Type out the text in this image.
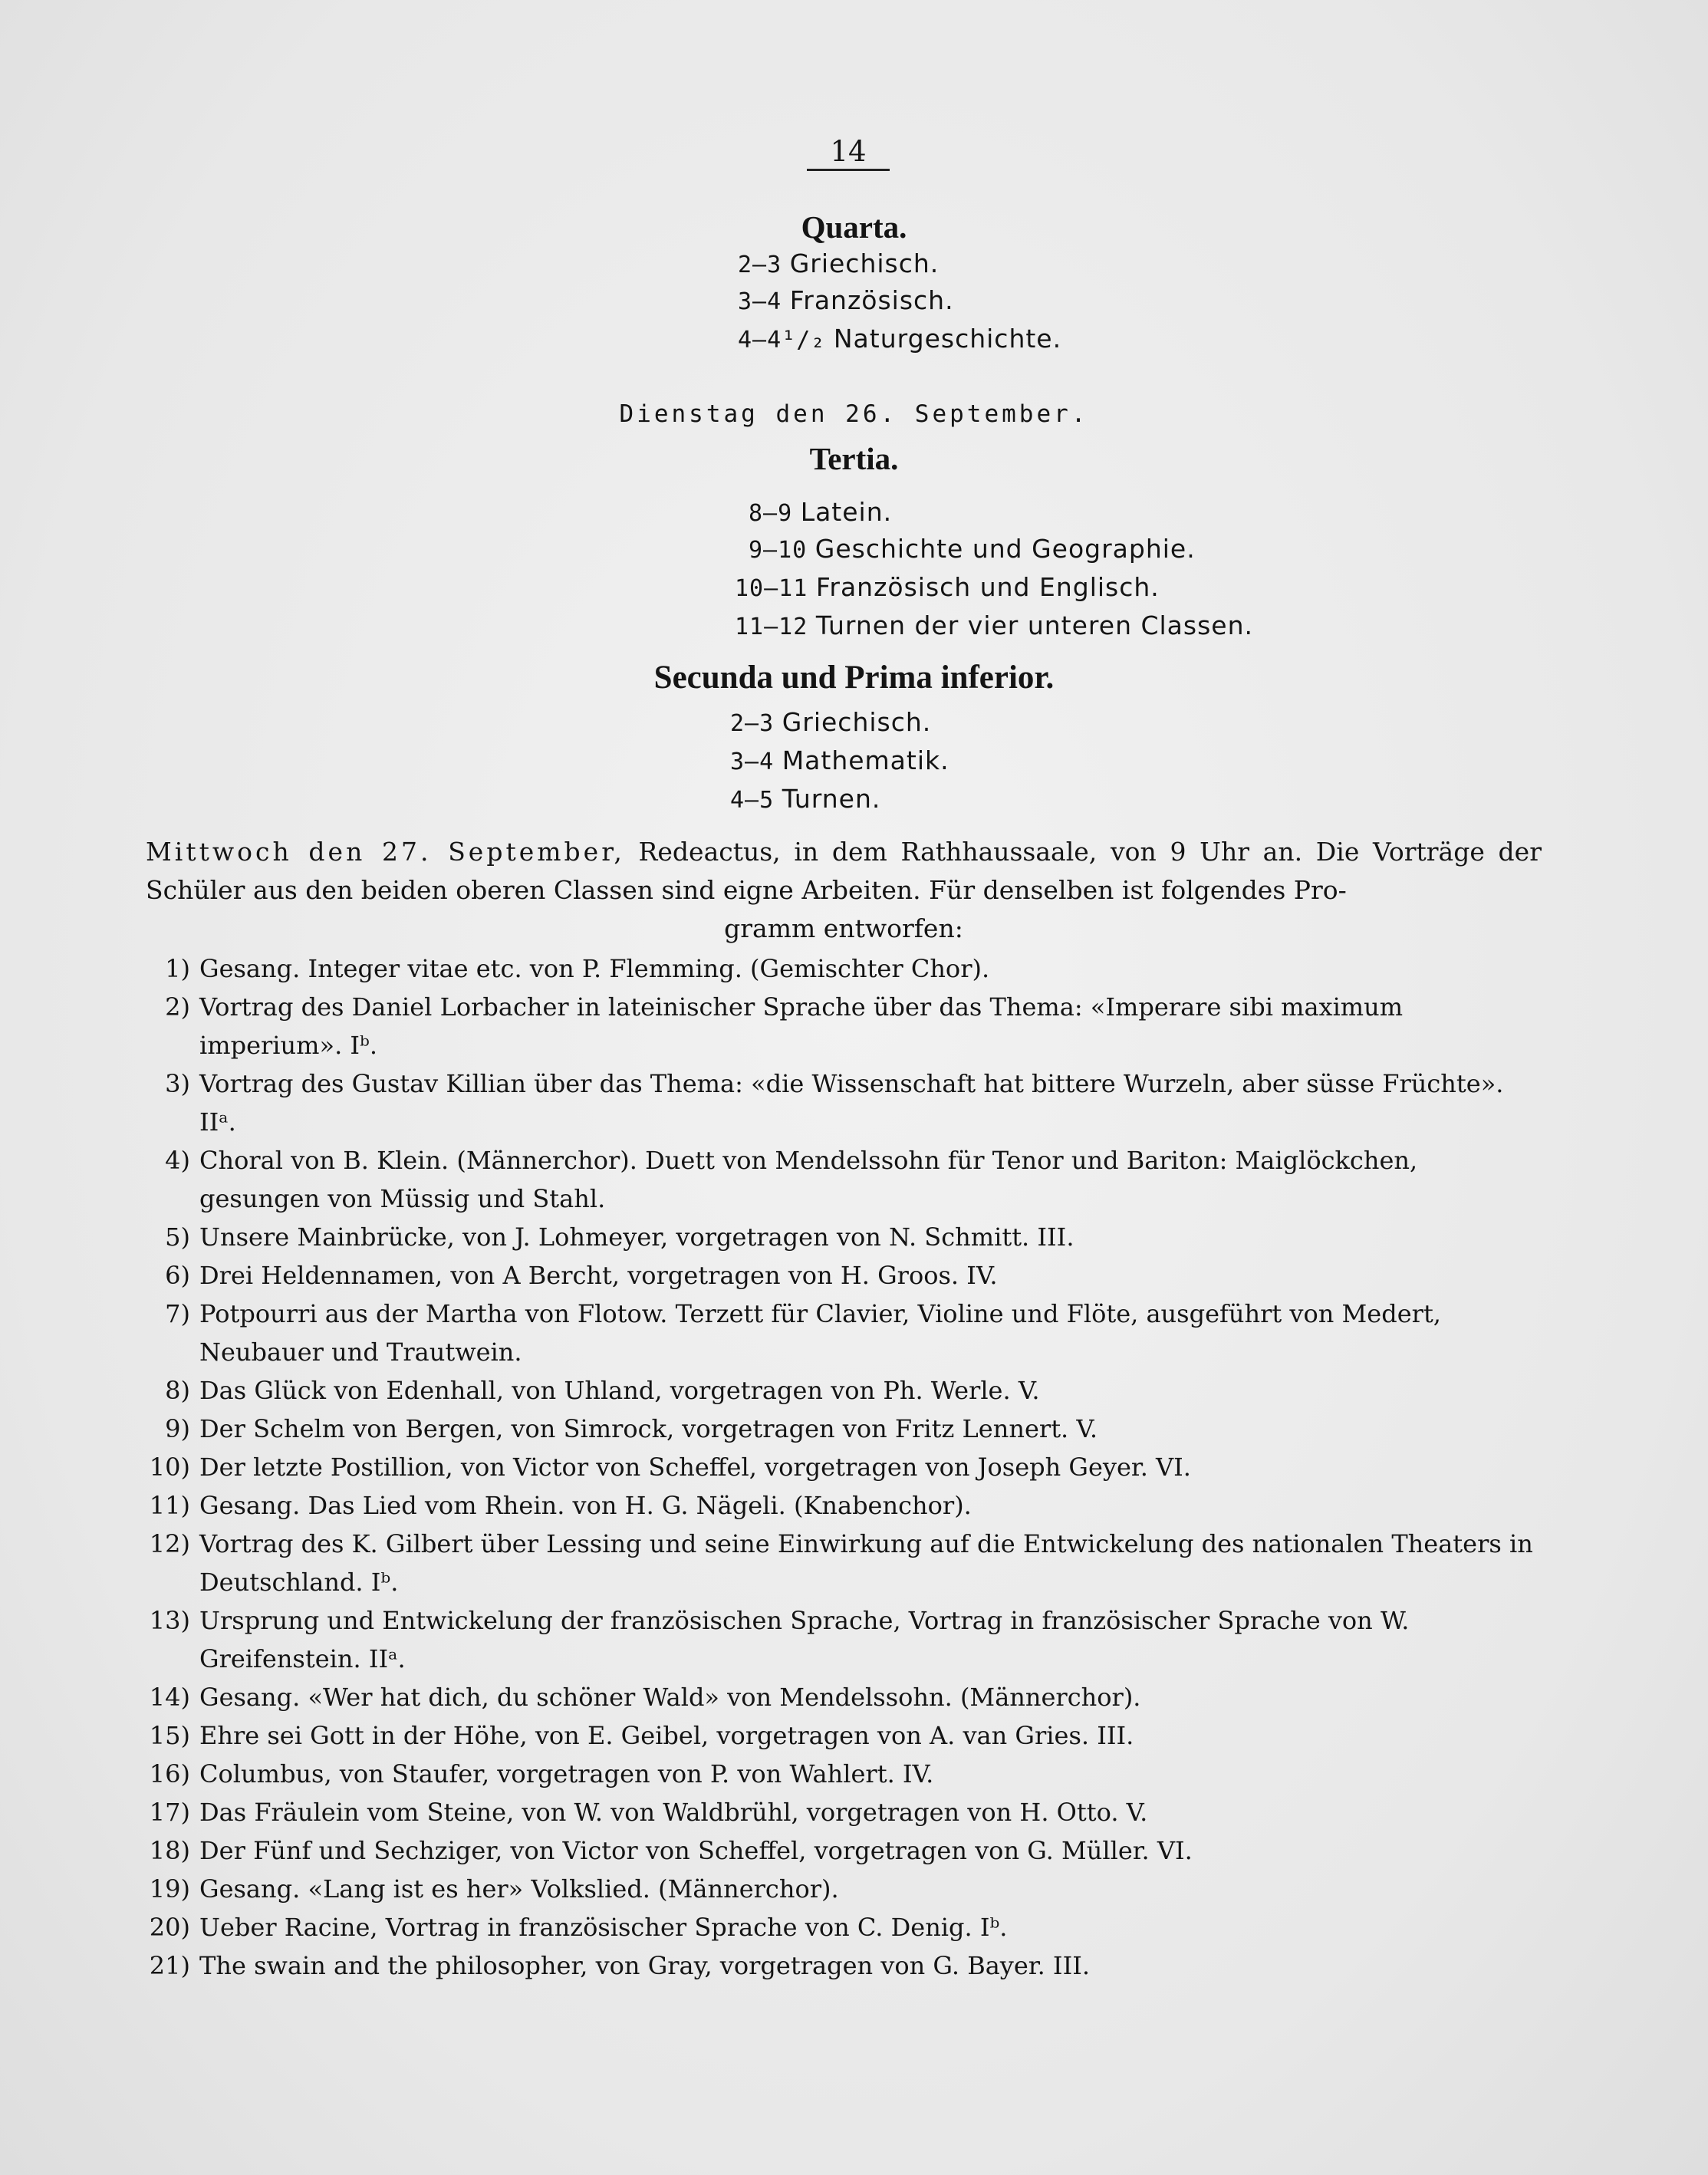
14
Quarta.
2—3 Griechisch.
3—4 Französisch.
4—4¹/₂ Naturgeschichte.
Dienstag den 26. September.
Tertia.
8—9 Latein.
9—10 Geschichte und Geographie.
10—11 Französisch und Englisch.
11—12 Turnen der vier unteren Classen.
Secunda und Prima inferior.
2—3 Griechisch.
3—4 Mathematik.
4—5 Turnen.
Mittwoch den 27. September, Redeactus, in dem Rathhaussaale, von 9 Uhr an. Die Vorträge der Schüler aus den beiden oberen Classen sind eigne Arbeiten. Für denselben ist folgendes Pro-
gramm entworfen:
1) Gesang. Integer vitae etc. von P. Flemming. (Gemischter Chor).
2) Vortrag des Daniel Lorbacher in lateinischer Sprache über das Thema: «Imperare sibi maximum imperium». Iᵇ.
3) Vortrag des Gustav Killian über das Thema: «die Wissenschaft hat bittere Wurzeln, aber süsse Früchte». IIᵃ.
4) Choral von B. Klein. (Männerchor). Duett von Mendelssohn für Tenor und Bariton: Maiglöckchen, gesungen von Müssig und Stahl.
5) Unsere Mainbrücke, von J. Lohmeyer, vorgetragen von N. Schmitt. III.
6) Drei Heldennamen, von A Bercht, vorgetragen von H. Groos. IV.
7) Potpourri aus der Martha von Flotow. Terzett für Clavier, Violine und Flöte, ausgeführt von Medert, Neubauer und Trautwein.
8) Das Glück von Edenhall, von Uhland, vorgetragen von Ph. Werle. V.
9) Der Schelm von Bergen, von Simrock, vorgetragen von Fritz Lennert. V.
10) Der letzte Postillion, von Victor von Scheffel, vorgetragen von Joseph Geyer. VI.
11) Gesang. Das Lied vom Rhein. von H. G. Nägeli. (Knabenchor).
12) Vortrag des K. Gilbert über Lessing und seine Einwirkung auf die Entwickelung des nationalen Theaters in Deutschland. Iᵇ.
13) Ursprung und Entwickelung der französischen Sprache, Vortrag in französischer Sprache von W. Greifenstein. IIᵃ.
14) Gesang. «Wer hat dich, du schöner Wald» von Mendelssohn. (Männerchor).
15) Ehre sei Gott in der Höhe, von E. Geibel, vorgetragen von A. van Gries. III.
16) Columbus, von Staufer, vorgetragen von P. von Wahlert. IV.
17) Das Fräulein vom Steine, von W. von Waldbrühl, vorgetragen von H. Otto. V.
18) Der Fünf und Sechziger, von Victor von Scheffel, vorgetragen von G. Müller. VI.
19) Gesang. «Lang ist es her» Volkslied. (Männerchor).
20) Ueber Racine, Vortrag in französischer Sprache von C. Denig. Iᵇ.
21) The swain and the philosopher, von Gray, vorgetragen von G. Bayer. III.
